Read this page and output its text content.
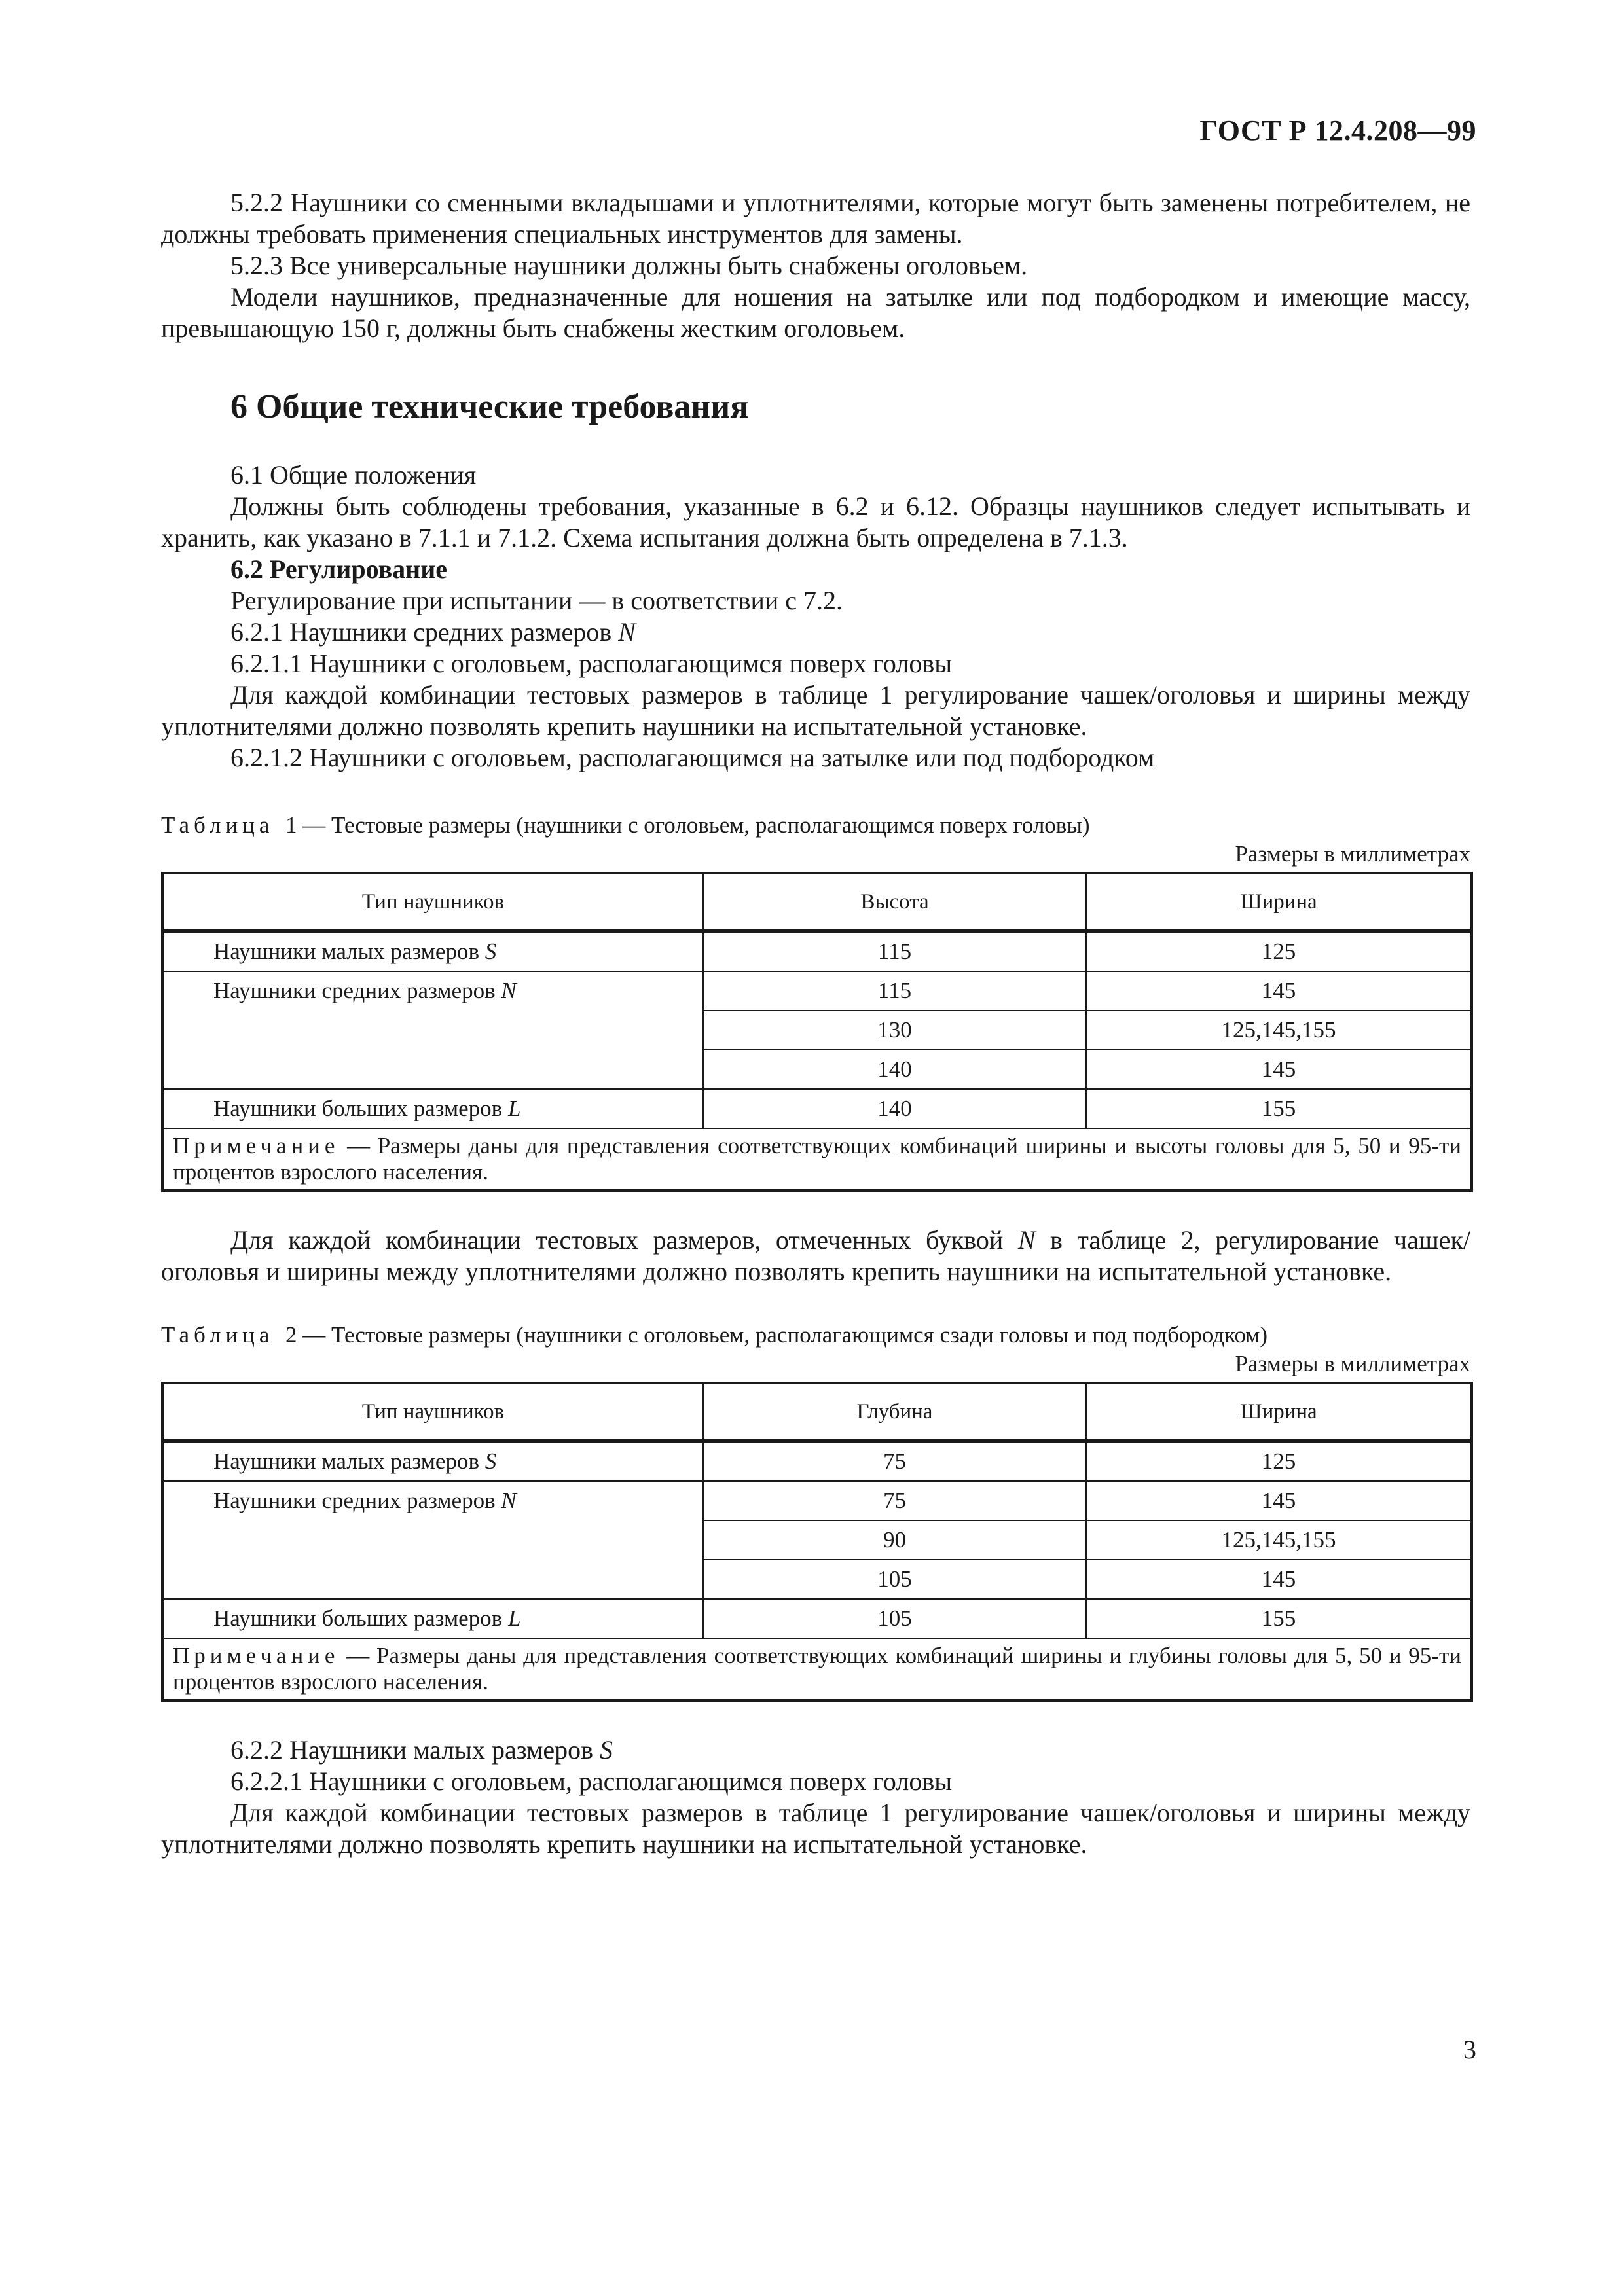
ГОСТ Р 12.4.208—99

5.2.2 Наушники со сменными вкладышами и уплотнителями, которые могут быть заменены потребителем, не должны требовать применения специальных инструментов для замены.

5.2.3 Все универсальные наушники должны быть снабжены оголовьем.

Модели наушников, предназначенные для ношения на затылке или под подбородком и имеющие массу, превышающую 150 г, должны быть снабжены жестким оголовьем.

6 Общие технические требования

6.1 Общие положения

Должны быть соблюдены требования, указанные в 6.2 и 6.12. Образцы наушников следует испытывать и хранить, как указано в 7.1.1 и 7.1.2. Схема испытания должна быть определена в 7.1.3.

6.2 Регулирование

Регулирование при испытании — в соответствии с 7.2.

6.2.1 Наушники средних размеров N

6.2.1.1 Наушники с оголовьем, располагающимся поверх головы

Для каждой комбинации тестовых размеров в таблице 1 регулирование чашек/оголовья и ширины между уплотнителями должно позволять крепить наушники на испытательной установке.

6.2.1.2 Наушники с оголовьем, располагающимся на затылке или под подбородком

Таблица 1 — Тестовые размеры (наушники с оголовьем, располагающимся поверх головы)
Размеры в миллиметрах
Тип наушников	Высота	Ширина
Наушники малых размеров S	115	125
Наушники средних размеров N	115	145
	130	125,145,155
	140	145
Наушники больших размеров L	140	155
Примечание — Размеры даны для представления соответствующих комбинаций ширины и высоты головы для 5, 50 и 95-ти процентов взрослого населения.		

Для каждой комбинации тестовых размеров, отмеченных буквой N в таблице 2, регулирование чашек/оголовья и ширины между уплотнителями должно позволять крепить наушники на испытательной установке.

Таблица 2 — Тестовые размеры (наушники с оголовьем, располагающимся сзади головы и под подбородком)
Размеры в миллиметрах
Тип наушников	Глубина	Ширина
Наушники малых размеров S	75	125
Наушники средних размеров N	75	145
	90	125,145,155
	105	145
Наушники больших размеров L	105	155
Примечание — Размеры даны для представления соответствующих комбинаций ширины и глубины головы для 5, 50 и 95-ти процентов взрослого населения.		

6.2.2 Наушники малых размеров S

6.2.2.1 Наушники с оголовьем, располагающимся поверх головы

Для каждой комбинации тестовых размеров в таблице 1 регулирование чашек/оголовья и ширины между уплотнителями должно позволять крепить наушники на испытательной установке.

3
